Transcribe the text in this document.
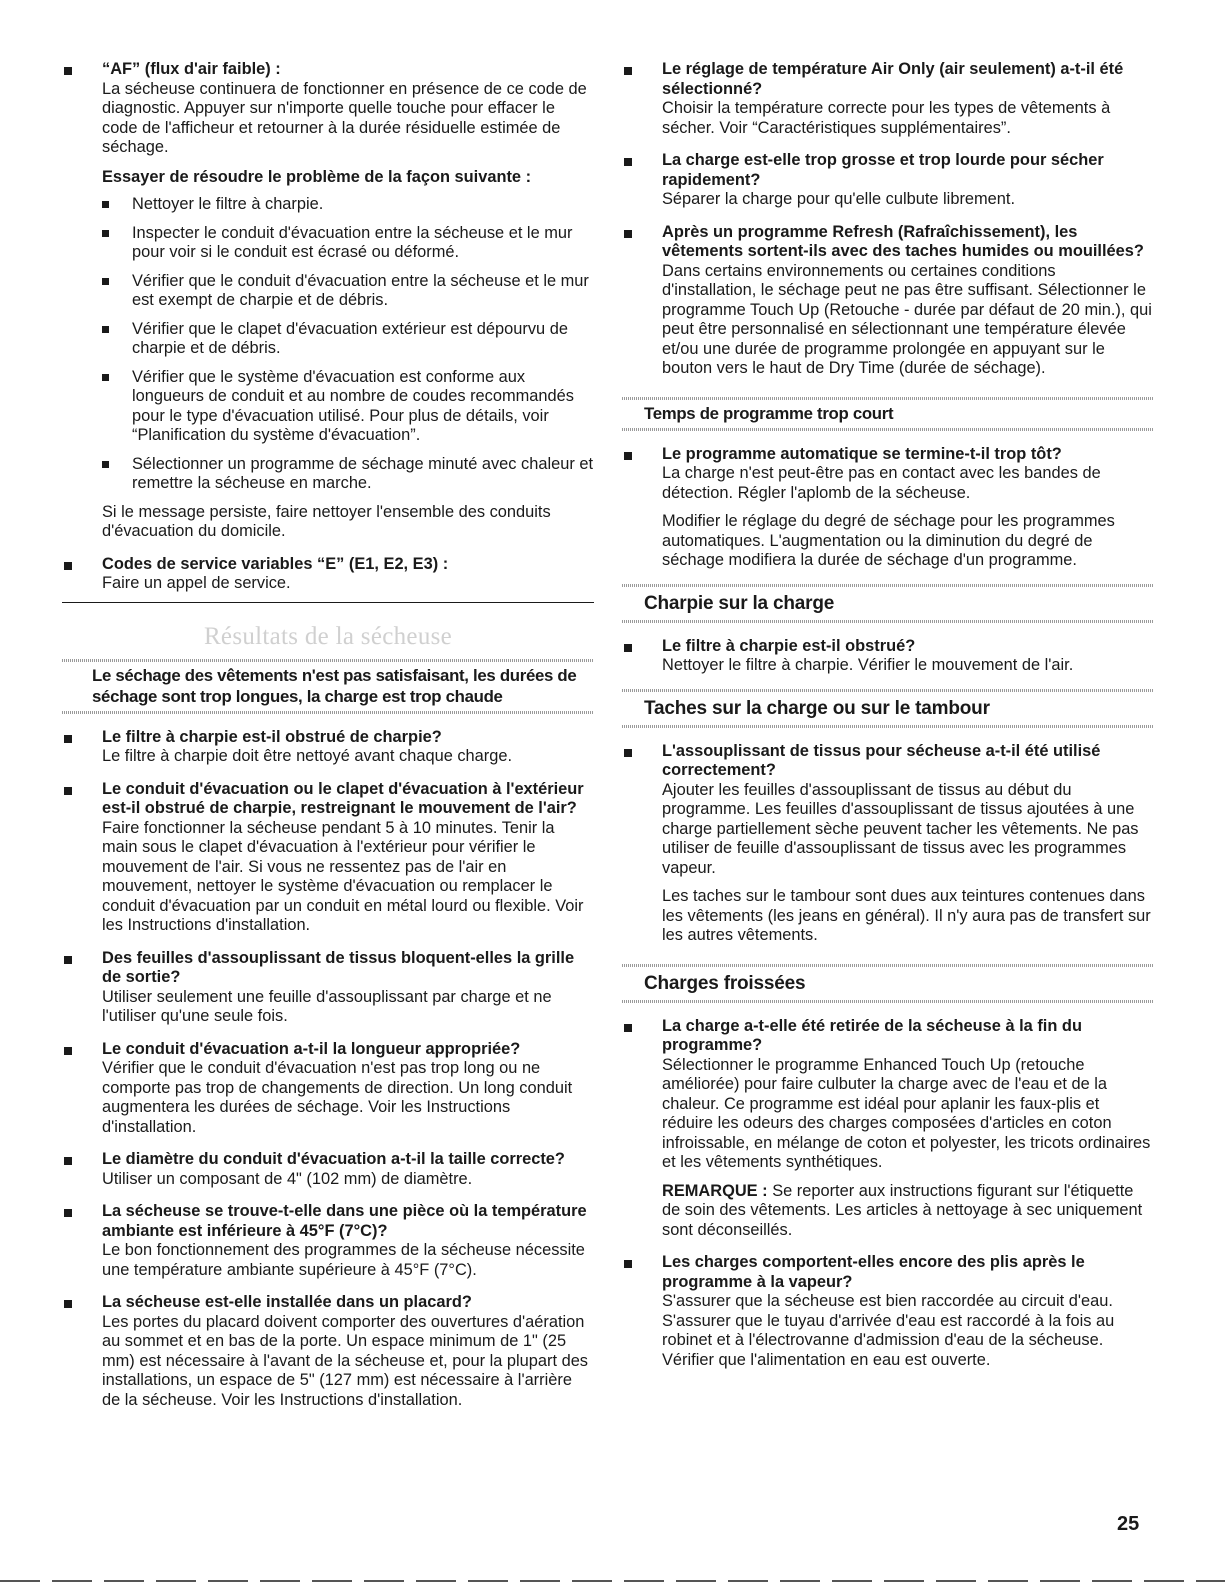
“AF” (flux d'air faible) :

La sécheuse continuera de fonctionner en présence de ce code de diagnostic. Appuyer sur n'importe quelle touche pour effacer le code de l'afficheur et retourner à la durée résiduelle estimée de séchage.

Essayer de résoudre le problème de la façon suivante :

Nettoyer le filtre à charpie.
Inspecter le conduit d'évacuation entre la sécheuse et le mur pour voir si le conduit est écrasé ou déformé.
Vérifier que le conduit d'évacuation entre la sécheuse et le mur est exempt de charpie et de débris.
Vérifier que le clapet d'évacuation extérieur est dépourvu de charpie et de débris.
Vérifier que le système d'évacuation est conforme aux longueurs de conduit et au nombre de coudes recommandés pour le type d'évacuation utilisé. Pour plus de détails, voir “Planification du système d'évacuation”.
Sélectionner un programme de séchage minuté avec chaleur et remettre la sécheuse en marche.

Si le message persiste, faire nettoyer l'ensemble des conduits d'évacuation du domicile.

Codes de service variables “E” (E1, E2, E3) :

Faire un appel de service.

Résultats de la sécheuse
Le séchage des vêtements n'est pas satisfaisant, les durées de séchage sont trop longues, la charge est trop chaude

Le filtre à charpie est-il obstrué de charpie?

Le filtre à charpie doit être nettoyé avant chaque charge.

Le conduit d'évacuation ou le clapet d'évacuation à l'extérieur est-il obstrué de charpie, restreignant le mouvement de l'air?

Faire fonctionner la sécheuse pendant 5 à 10 minutes. Tenir la main sous le clapet d'évacuation à l'extérieur pour vérifier le mouvement de l'air. Si vous ne ressentez pas de l'air en mouvement, nettoyer le système d'évacuation ou remplacer le conduit d'évacuation par un conduit en métal lourd ou flexible. Voir les Instructions d'installation.

Des feuilles d'assouplissant de tissus bloquent-elles la grille de sortie?

Utiliser seulement une feuille d'assouplissant par charge et ne l'utiliser qu'une seule fois.

Le conduit d'évacuation a-t-il la longueur appropriée?

Vérifier que le conduit d'évacuation n'est pas trop long ou ne comporte pas trop de changements de direction. Un long conduit augmentera les durées de séchage. Voir les Instructions d'installation.

Le diamètre du conduit d'évacuation a-t-il la taille correcte?

Utiliser un composant de 4" (102 mm) de diamètre.

La sécheuse se trouve-t-elle dans une pièce où la température ambiante est inférieure à 45°F (7°C)?

Le bon fonctionnement des programmes de la sécheuse nécessite une température ambiante supérieure à 45°F (7°C).

La sécheuse est-elle installée dans un placard?

Les portes du placard doivent comporter des ouvertures d'aération au sommet et en bas de la porte. Un espace minimum de 1" (25 mm) est nécessaire à l'avant de la sécheuse et, pour la plupart des installations, un espace de 5" (127 mm) est nécessaire à l'arrière de la sécheuse. Voir les Instructions d'installation.

Le réglage de température Air Only (air seulement) a-t-il été sélectionné?

Choisir la température correcte pour les types de vêtements à sécher. Voir “Caractéristiques supplémentaires”.

La charge est-elle trop grosse et trop lourde pour sécher rapidement?

Séparer la charge pour qu'elle culbute librement.

Après un programme Refresh (Rafraîchissement), les vêtements sortent-ils avec des taches humides ou mouillées?

Dans certains environnements ou certaines conditions d'installation, le séchage peut ne pas être suffisant. Sélectionner le programme Touch Up (Retouche - durée par défaut de 20 min.), qui peut être personnalisé en sélectionnant une température élevée et/ou une durée de programme prolongée en appuyant sur le bouton vers le haut de Dry Time (durée de séchage).

Temps de programme trop court

Le programme automatique se termine-t-il trop tôt?

La charge n'est peut-être pas en contact avec les bandes de détection. Régler l'aplomb de la sécheuse.

Modifier le réglage du degré de séchage pour les programmes automatiques. L'augmentation ou la diminution du degré de séchage modifiera la durée de séchage d'un programme.

Charpie sur la charge

Le filtre à charpie est-il obstrué?

Nettoyer le filtre à charpie. Vérifier le mouvement de l'air.

Taches sur la charge ou sur le tambour

L'assouplissant de tissus pour sécheuse a-t-il été utilisé correctement?

Ajouter les feuilles d'assouplissant de tissus au début du programme. Les feuilles d'assouplissant de tissus ajoutées à une charge partiellement sèche peuvent tacher les vêtements. Ne pas utiliser de feuille d'assouplissant de tissus avec les programmes vapeur.

Les taches sur le tambour sont dues aux teintures contenues dans les vêtements (les jeans en général). Il n'y aura pas de transfert sur les autres vêtements.

Charges froissées

La charge a-t-elle été retirée de la sécheuse à la fin du programme?

Sélectionner le programme Enhanced Touch Up (retouche améliorée) pour faire culbuter la charge avec de l'eau et de la chaleur. Ce programme est idéal pour aplanir les faux-plis et réduire les odeurs des charges composées d'articles en coton infroissable, en mélange de coton et polyester, les tricots ordinaires et les vêtements synthétiques.

REMARQUE : Se reporter aux instructions figurant sur l'étiquette de soin des vêtements. Les articles à nettoyage à sec uniquement sont déconseillés.

Les charges comportent-elles encore des plis après le programme à la vapeur?

S'assurer que la sécheuse est bien raccordée au circuit d'eau. S'assurer que le tuyau d'arrivée d'eau est raccordé à la fois au robinet et à l'électrovanne d'admission d'eau de la sécheuse. Vérifier que l'alimentation en eau est ouverte.

25
